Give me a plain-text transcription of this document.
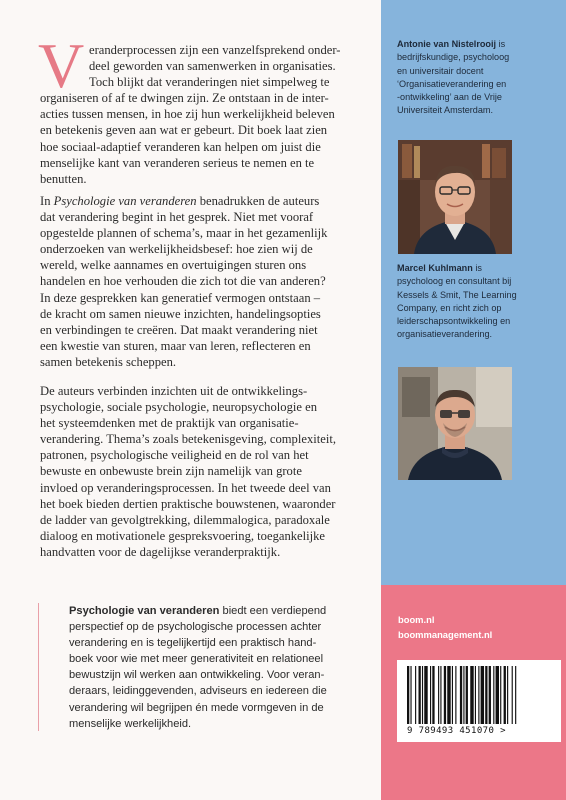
V eranderprocessen zijn een vanzelfsprekend onder-
deel geworden van samenwerken in organisaties.
Toch blijkt dat veranderingen niet simpelweg te
organiseren of af te dwingen zijn. Ze ontstaan in de inter-
acties tussen mensen, in hoe zij hun werkelijkheid beleven
en betekenis geven aan wat er gebeurt. Dit boek laat zien
hoe sociaal-adaptief veranderen kan helpen om juist die
menselijke kant van veranderen serieus te nemen en te
benutten.
In Psychologie van veranderen benadrukken de auteurs
dat verandering begint in het gesprek. Niet met vooraf
opgestelde plannen of schema’s, maar in het gezamenlijk
onderzoeken van werkelijkheidsbesef: hoe zien wij de
wereld, welke aannames en overtuigingen sturen ons
handelen en hoe verhouden die zich tot die van anderen?
In deze gesprekken kan generatief vermogen ontstaan –
de kracht om samen nieuwe inzichten, handelingsopties
en verbindingen te creëren. Dat maakt verandering niet
een kwestie van sturen, maar van leren, reflecteren en
samen betekenis scheppen.
De auteurs verbinden inzichten uit de ontwikkelings-
psychologie, sociale psychologie, neuropsychologie en
het systeemdenken met de praktijk van organisatie-
verandering. Thema’s zoals betekenisgeving, complexiteit,
patronen, psychologische veiligheid en de rol van het
bewuste en onbewuste brein zijn namelijk van grote
invloed op veranderingsprocessen. In het tweede deel van
het boek bieden dertien praktische bouwstenen, waaronder
de ladder van gevolgtrekking, dilemmalogica, paradoxale
dialoog en motivationele gespreksvoering, toegankelijke
handvatten voor de dagelijkse veranderpraktijk.
Psychologie van veranderen biedt een verdiepend
perspectief op de psychologische processen achter
verandering en is tegelijkertijd een praktisch hand-
boek voor wie met meer generativiteit en relationeel
bewustzijn wil werken aan ontwikkeling. Voor veran-
deraars, leidinggevenden, adviseurs en iedereen die
verandering wil begrijpen én mede vormgeven in de
menselijke werkelijkheid.
Antonie van Nistelrooij is
bedrijfskundige, psycholoog
en universitair docent
‘Organisatieverandering en
-ontwikkeling’ aan de Vrije
Universiteit Amsterdam.
Marcel Kuhlmann is
psycholoog en consultant bij
Kessels & Smit, The Learning
Company, en richt zich op
leiderschapsontwikkeling en
organisatieverandering.
boom.nl
boommanagement.nl
9 789493 451070 >
